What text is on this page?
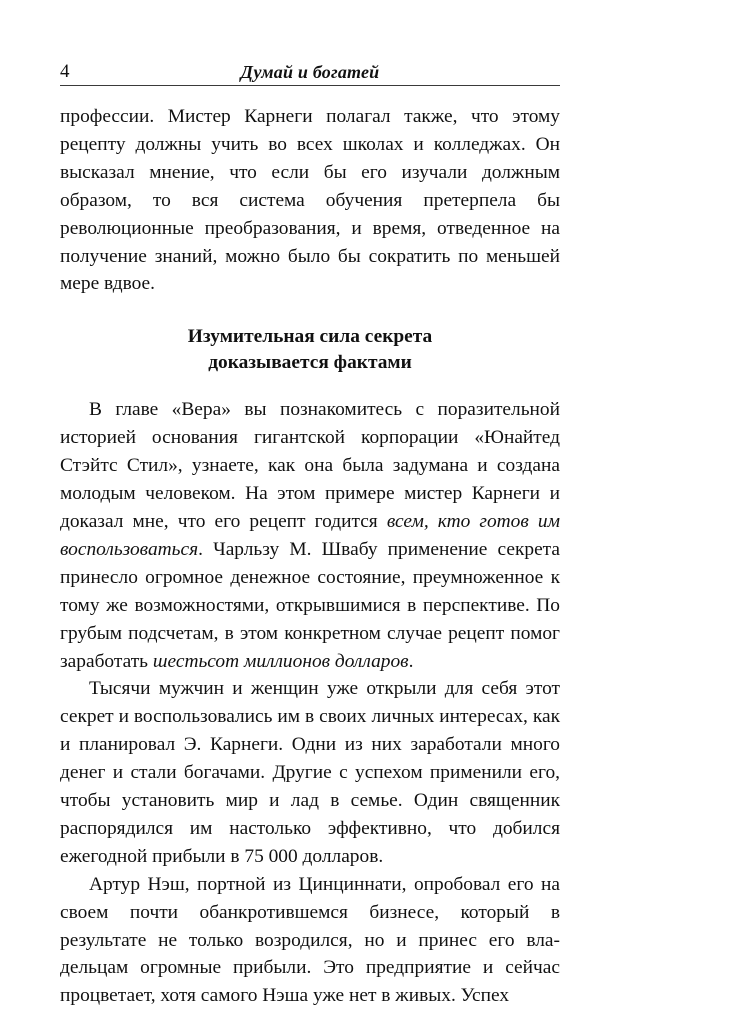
4	Думай и богатей

профессии. Мистер Карнеги полагал также, что этому рецепту должны учить во всех школах и колледжах. Он высказал мнение, что если бы его изучали должным образом, то вся система обучения претерпела бы революционные преобразования, и время, отведенное на получение знаний, можно было бы сократить по меньшей мере вдвое.

Изумительная сила секрета
доказывается фактами

В главе «Вера» вы познакомитесь с поразительной историей основания гигантской корпорации «Юнайтед Стэйтс Стил», узнаете, как она была задумана и создана молодым человеком. На этом примере мистер Карнеги и доказал мне, что его рецепт годится всем, кто готов им воспользоваться. Чарльзу М. Швабу применение секрета принесло огромное денежное состояние, преумноженное к тому же возможностями, открывшимися в перспективе. По грубым подсчетам, в этом конкретном случае рецепт помог заработать шестьсот миллионов долларов.

Тысячи мужчин и женщин уже открыли для себя этот секрет и воспользовались им в своих личных интересах, как и планировал Э. Карнеги. Одни из них заработали много денег и стали богачами. Другие с успехом применили его, чтобы установить мир и лад в семье. Один священник распорядился им настолько эффективно, что добился ежегодной прибыли в 75 000 долларов.

Артур Нэш, портной из Цинциннати, опробовал его на своем почти обанкротившемся бизнесе, который в результате не только возродился, но и принес его владельцам огромные прибыли. Это предприятие и сейчас процветает, хотя самого Нэша уже нет в живых. Успех
